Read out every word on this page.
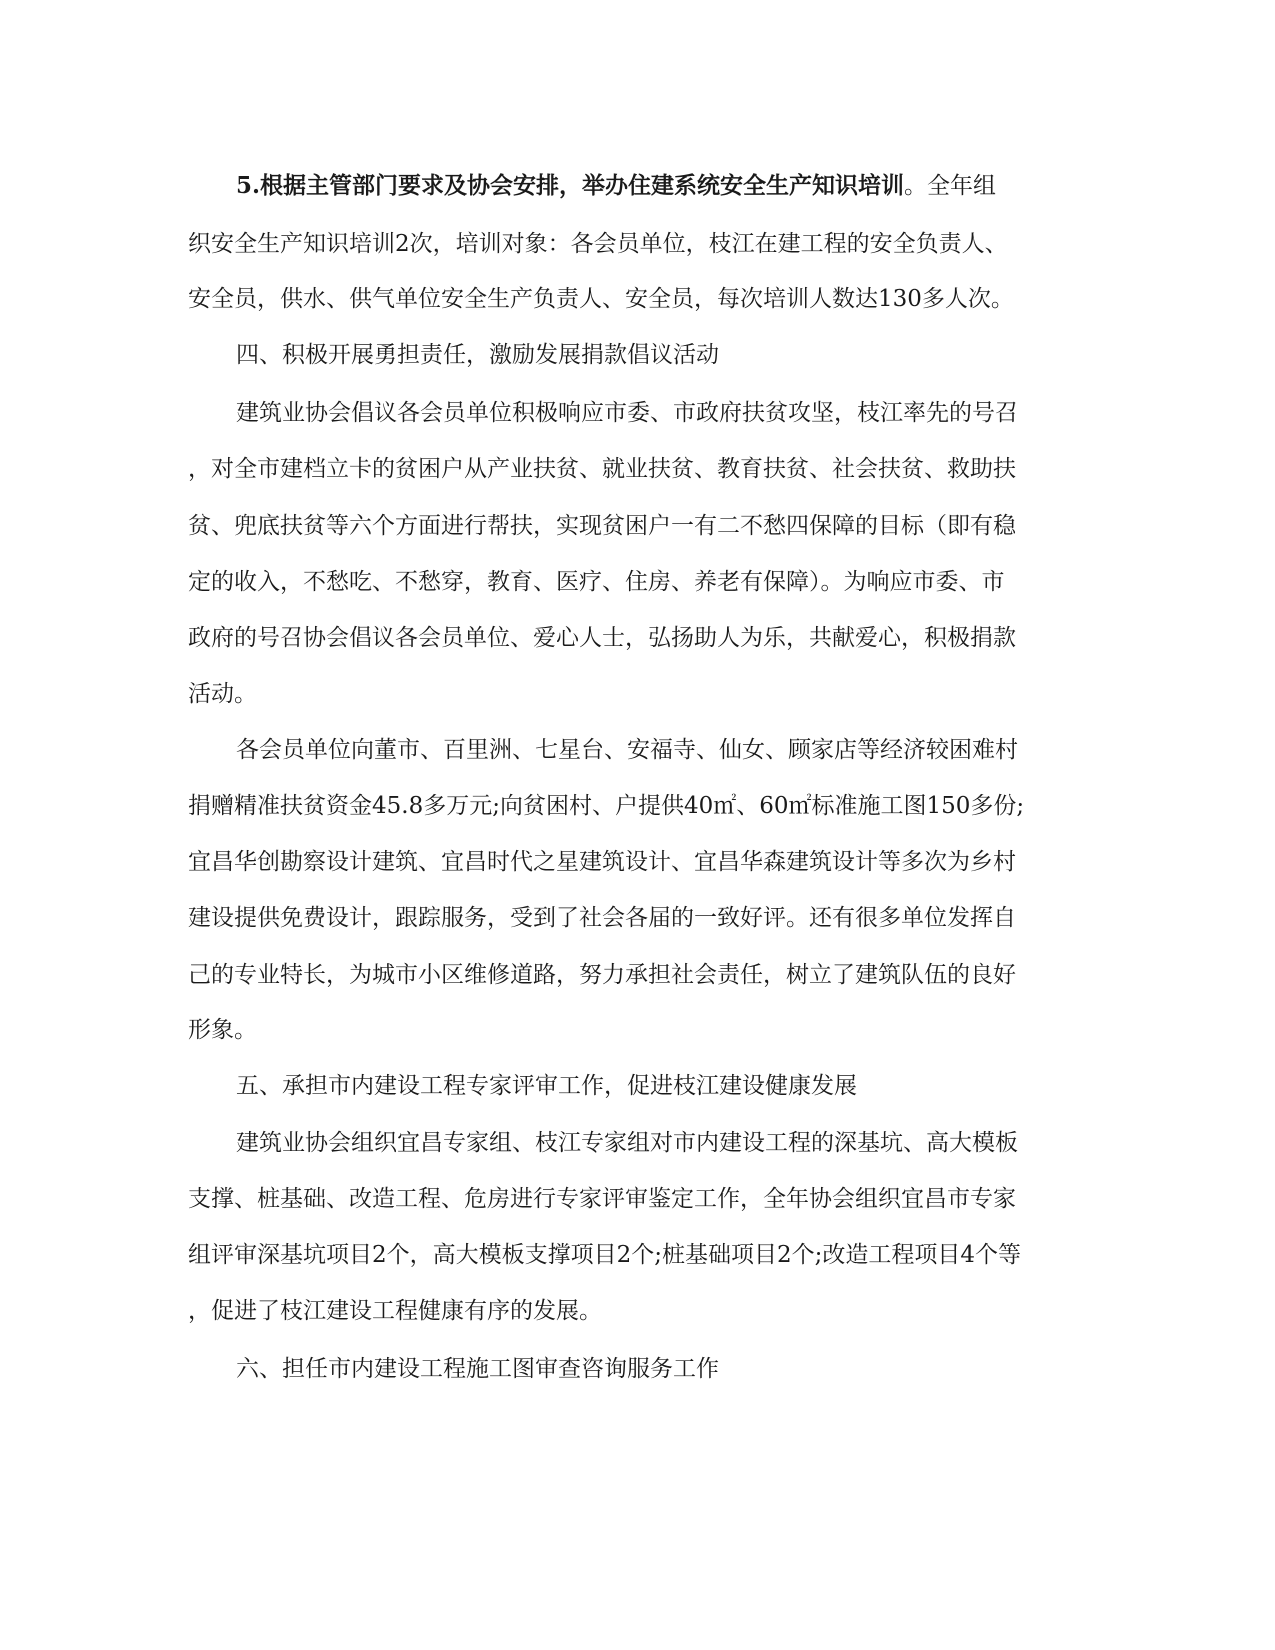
5.根据主管部门要求及协会安排，举办住建系统安全生产知识培训。全年组
织安全生产知识培训2次，培训对象：各会员单位，枝江在建工程的安全负责人、
安全员，供水、供气单位安全生产负责人、安全员，每次培训人数达130多人次。
四、积极开展勇担责任，激励发展捐款倡议活动
建筑业协会倡议各会员单位积极响应市委、市政府扶贫攻坚，枝江率先的号召
，对全市建档立卡的贫困户从产业扶贫、就业扶贫、教育扶贫、社会扶贫、救助扶
贫、兜底扶贫等六个方面进行帮扶，实现贫困户一有二不愁四保障的目标（即有稳
定的收入，不愁吃、不愁穿，教育、医疗、住房、养老有保障）。为响应市委、市
政府的号召协会倡议各会员单位、爱心人士，弘扬助人为乐，共献爱心，积极捐款
活动。
各会员单位向董市、百里洲、七星台、安福寺、仙女、顾家店等经济较困难村
捐赠精准扶贫资金45.8多万元;向贫困村、户提供40㎡、60㎡标准施工图150多份;
宜昌华创勘察设计建筑、宜昌时代之星建筑设计、宜昌华森建筑设计等多次为乡村
建设提供免费设计，跟踪服务，受到了社会各届的一致好评。还有很多单位发挥自
己的专业特长，为城市小区维修道路，努力承担社会责任，树立了建筑队伍的良好
形象。
五、承担市内建设工程专家评审工作，促进枝江建设健康发展
建筑业协会组织宜昌专家组、枝江专家组对市内建设工程的深基坑、高大模板
支撑、桩基础、改造工程、危房进行专家评审鉴定工作，全年协会组织宜昌市专家
组评审深基坑项目2个，高大模板支撑项目2个;桩基础项目2个;改造工程项目4个等
，促进了枝江建设工程健康有序的发展。
六、担任市内建设工程施工图审查咨询服务工作
